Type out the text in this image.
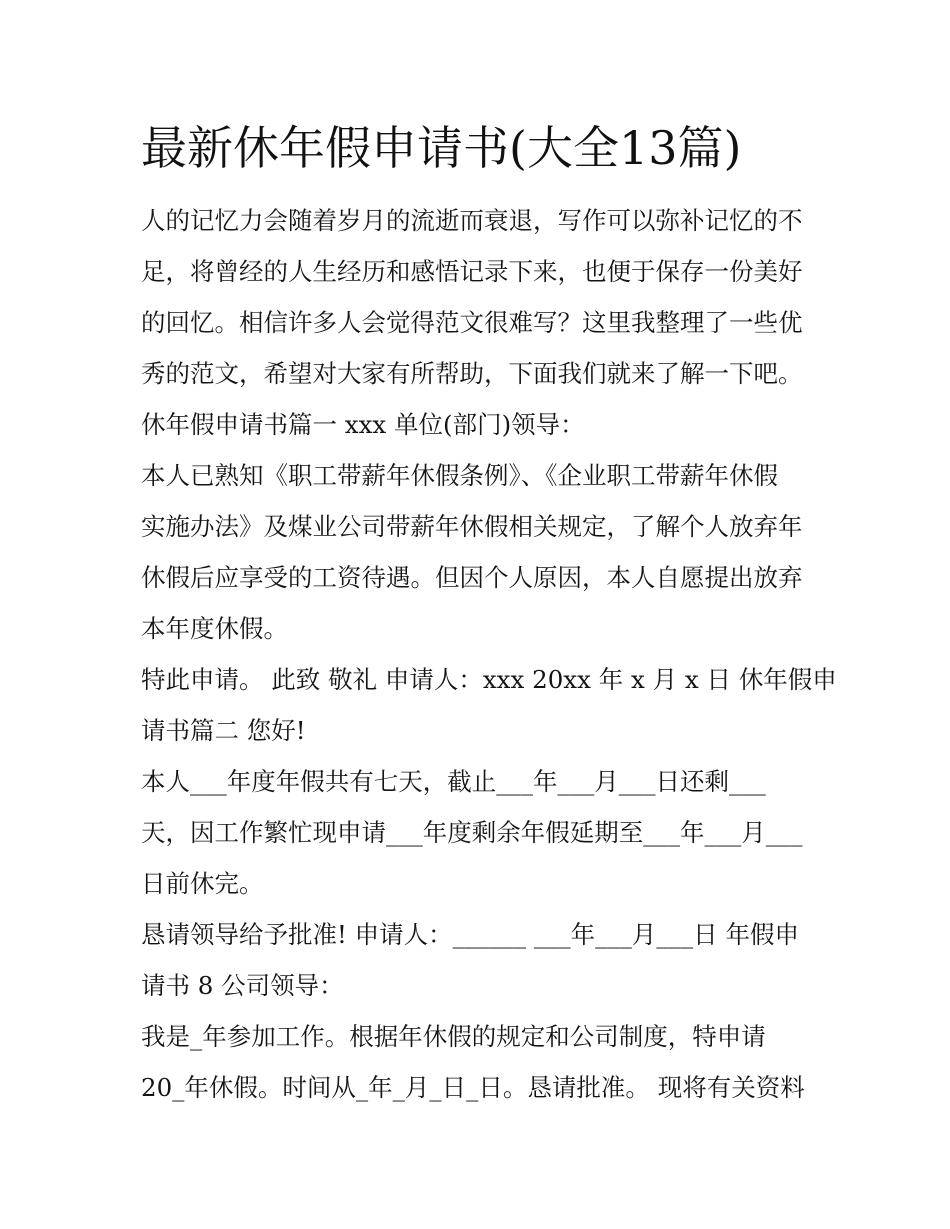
最新休年假申请书(大全13篇)

人的记忆力会随着岁月的流逝而衰退，写作可以弥补记忆的不

足，将曾经的人生经历和感悟记录下来，也便于保存一份美好

的回忆。相信许多人会觉得范文很难写？这里我整理了一些优

秀的范文，希望对大家有所帮助，下面我们就来了解一下吧。

休年假申请书篇一 xxx 单位(部门)领导：

本人已熟知《职工带薪年休假条例》、《企业职工带薪年休假

实施办法》及煤业公司带薪年休假相关规定，了解个人放弃年

休假后应享受的工资待遇。但因个人原因，本人自愿提出放弃

本年度休假。

特此申请。 此致 敬礼 申请人：xxx 20xx 年 x 月 x 日 休年假申

请书篇二 您好!

本人___年度年假共有七天，截止___年___月___日还剩___

天，因工作繁忙现申请___年度剩余年假延期至___年___月___

日前休完。

恳请领导给予批准! 申请人：______ ___年___月___日 年假申

请书 8 公司领导：

我是_年参加工作。根据年休假的规定和公司制度，特申请

20_年休假。时间从_年_月_日_日。恳请批准。 现将有关资料
